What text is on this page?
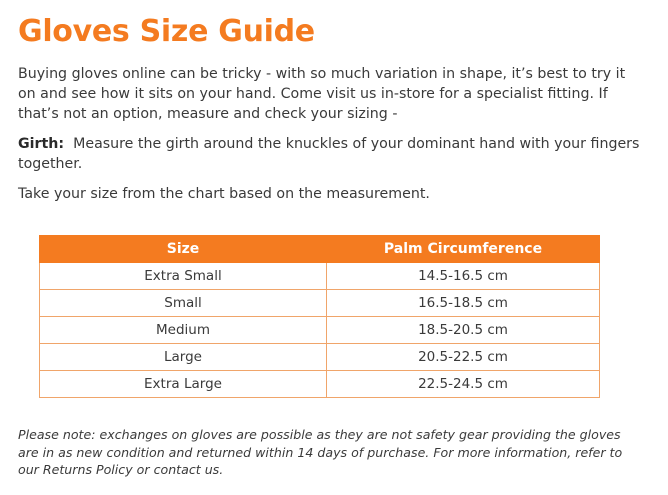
Gloves Size Guide

Buying gloves online can be tricky - with so much variation in shape, it’s best to try it on and see how it sits on your hand. Come visit us in-store for a specialist fitting. If that’s not an option, measure and check your sizing -

Girth: Measure the girth around the knuckles of your dominant hand with your fingers together.

Take your size from the chart based on the measurement.

Size	Palm Circumference
Extra Small	14.5-16.5 cm
Small	16.5-18.5 cm
Medium	18.5-20.5 cm
Large	20.5-22.5 cm
Extra Large	22.5-24.5 cm

Please note: exchanges on gloves are possible as they are not safety gear providing the gloves are in as new condition and returned within 14 days of purchase. For more information, refer to our Returns Policy or contact us.
